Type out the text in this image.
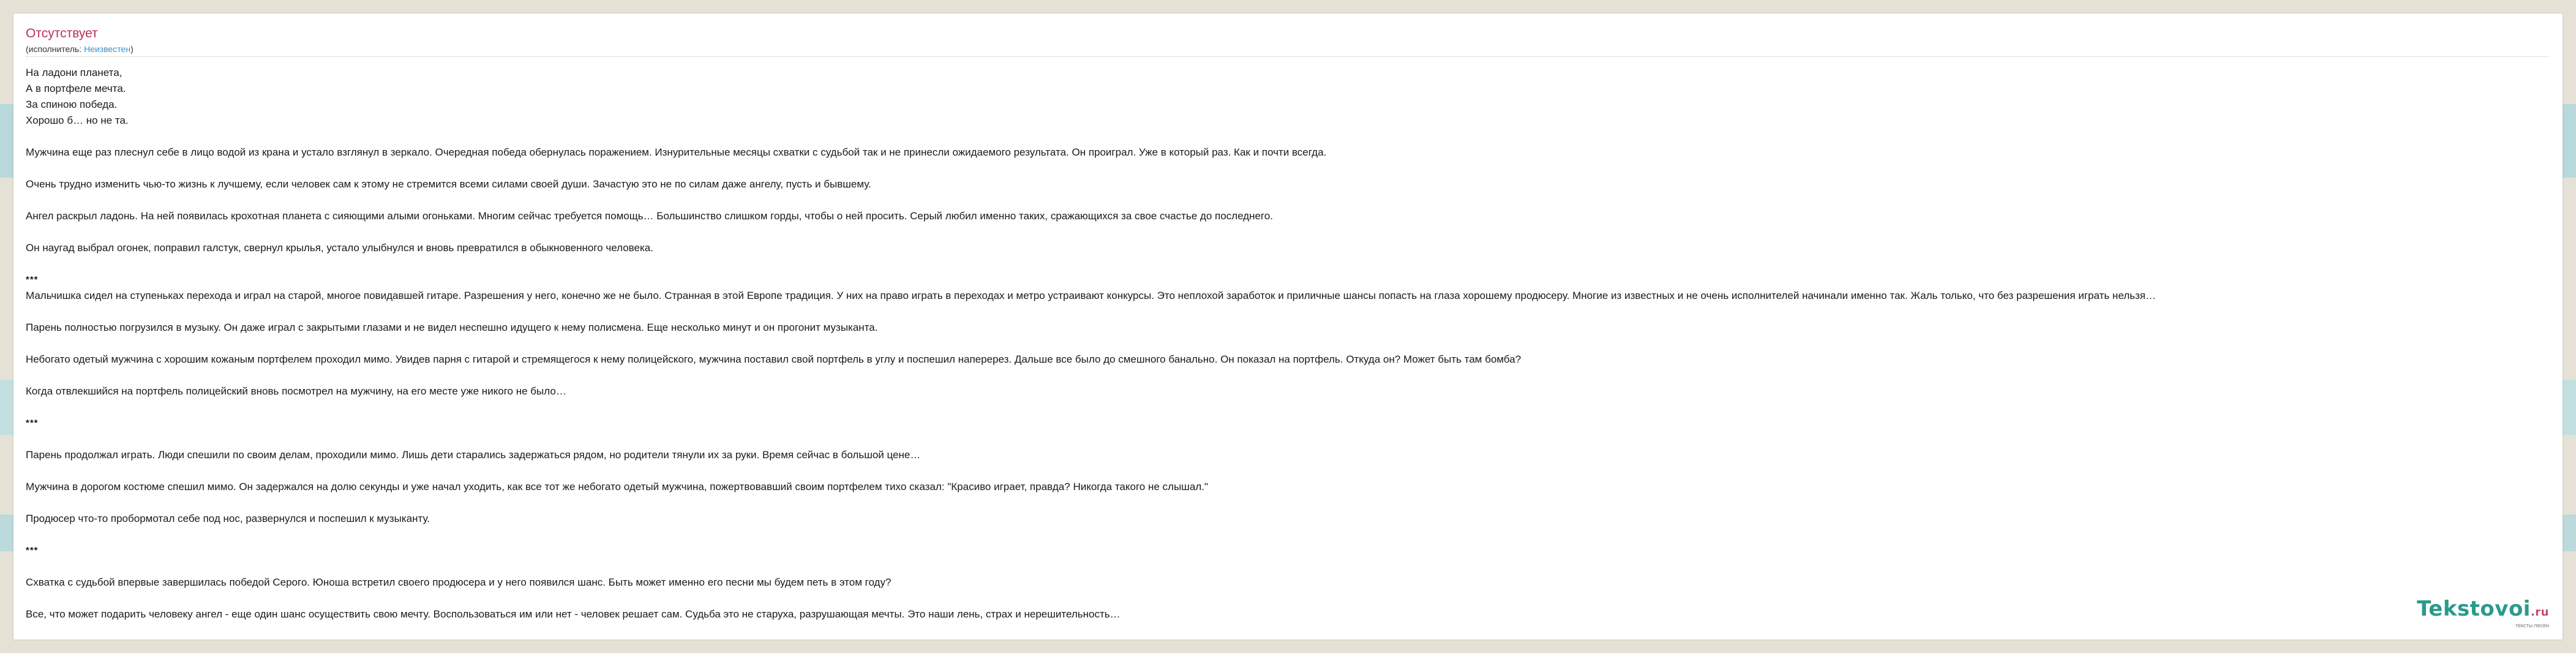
Отсутствует
(исполнитель: Неизвестен)
На ладони планета,
А в портфеле мечта.
За спиною победа.
Хорошо б… но не та.
Мужчина еще раз плеснул себе в лицо водой из крана и устало взглянул в зеркало. Очередная победа обернулась поражением. Изнурительные месяцы схватки с судьбой так и не принесли ожидаемого результата. Он проиграл. Уже в который раз. Как и почти всегда.
Очень трудно изменить чью-то жизнь к лучшему, если человек сам к этому не стремится всеми силами своей души. Зачастую это не по силам даже ангелу, пусть и бывшему.
Ангел раскрыл ладонь. На ней появилась крохотная планета с сияющими алыми огоньками. Многим сейчас требуется помощь… Большинство слишком горды, чтобы о ней просить. Серый любил именно таких, сражающихся за свое счастье до последнего.
Он наугад выбрал огонек, поправил галстук, свернул крылья, устало улыбнулся и вновь превратился в обыкновенного человека.
***
Мальчишка сидел на ступеньках перехода и играл на старой, многое повидавшей гитаре. Разрешения у него, конечно же не было. Странная в этой Европе традиция. У них на право играть в переходах и метро устраивают конкурсы. Это неплохой заработок и приличные шансы попасть на глаза хорошему продюсеру. Многие из известных и не очень исполнителей начинали именно так. Жаль только, что без разрешения играть нельзя…
Парень полностью погрузился в музыку. Он даже играл с закрытыми глазами и не видел неспешно идущего к нему полисмена. Еще несколько минут и он прогонит музыканта.
Небогато одетый мужчина с хорошим кожаным портфелем проходил мимо. Увидев парня с гитарой и стремящегося к нему полицейского, мужчина поставил свой портфель в углу и поспешил наперерез. Дальше все было до смешного банально. Он показал на портфель. Откуда он? Может быть там бомба?
Когда отвлекшийся на портфель полицейский вновь посмотрел на мужчину, на его месте уже никого не было…
***
Парень продолжал играть. Люди спешили по своим делам, проходили мимо. Лишь дети старались задержаться рядом, но родители тянули их за руки. Время сейчас в большой цене…
Мужчина в дорогом костюме спешил мимо. Он задержался на долю секунды и уже начал уходить, как все тот же небогато одетый мужчина, пожертвовавший своим портфелем тихо сказал: "Красиво играет, правда? Никогда такого не слышал."
Продюсер что-то пробормотал себе под нос, развернулся и поспешил к музыканту.
***
Схватка с судьбой впервые завершилась победой Серого. Юноша встретил своего продюсера и у него появился шанс. Быть может именно его песни мы будем петь в этом году?
Все, что может подарить человеку ангел - еще один шанс осуществить свою мечту. Воспользоваться им или нет - человек решает сам. Судьба это не старуха, разрушающая мечты. Это наши лень, страх и нерешительность…	Tekstovoi.ru
тексты песен
